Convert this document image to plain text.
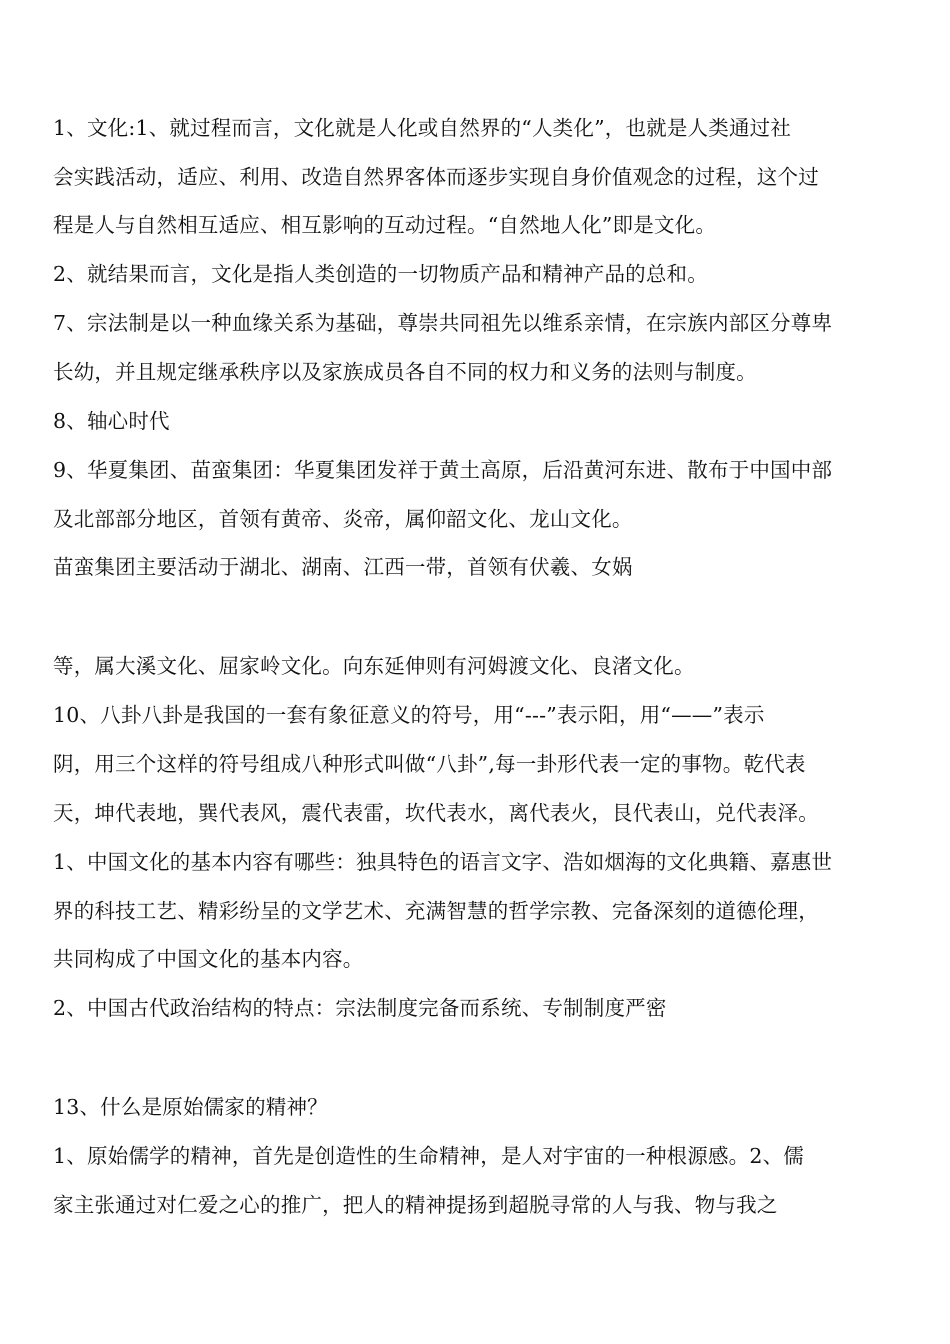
1、文化:1、就过程而言，文化就是人化或自然界的“人类化”，也就是人类通过社
会实践活动，适应、利用、改造自然界客体而逐步实现自身价值观念的过程，这个过
程是人与自然相互适应、相互影响的互动过程。“自然地人化”即是文化。
2、就结果而言，文化是指人类创造的一切物质产品和精神产品的总和。
7、宗法制是以一种血缘关系为基础，尊崇共同祖先以维系亲情，在宗族内部区分尊卑
长幼，并且规定继承秩序以及家族成员各自不同的权力和义务的法则与制度。
8、轴心时代
9、华夏集团、苗蛮集团：华夏集团发祥于黄土高原，后沿黄河东进、散布于中国中部
及北部部分地区，首领有黄帝、炎帝，属仰韶文化、龙山文化。
苗蛮集团主要活动于湖北、湖南、江西一带，首领有伏羲、女娲
等，属大溪文化、屈家岭文化。向东延伸则有河姆渡文化、良渚文化。
10、八卦八卦是我国的一套有象征意义的符号，用“---”表示阳，用“——”表示
阴，用三个这样的符号组成八种形式叫做“八卦”,每一卦形代表一定的事物。乾代表
天，坤代表地，巽代表风，震代表雷，坎代表水，离代表火，艮代表山，兑代表泽。
1、中国文化的基本内容有哪些：独具特色的语言文字、浩如烟海的文化典籍、嘉惠世
界的科技工艺、精彩纷呈的文学艺术、充满智慧的哲学宗教、完备深刻的道德伦理，
共同构成了中国文化的基本内容。
2、中国古代政治结构的特点：宗法制度完备而系统、专制制度严密
13、什么是原始儒家的精神？
1、原始儒学的精神，首先是创造性的生命精神，是人对宇宙的一种根源感。2、儒
家主张通过对仁爱之心的推广，把人的精神提扬到超脱寻常的人与我、物与我之
